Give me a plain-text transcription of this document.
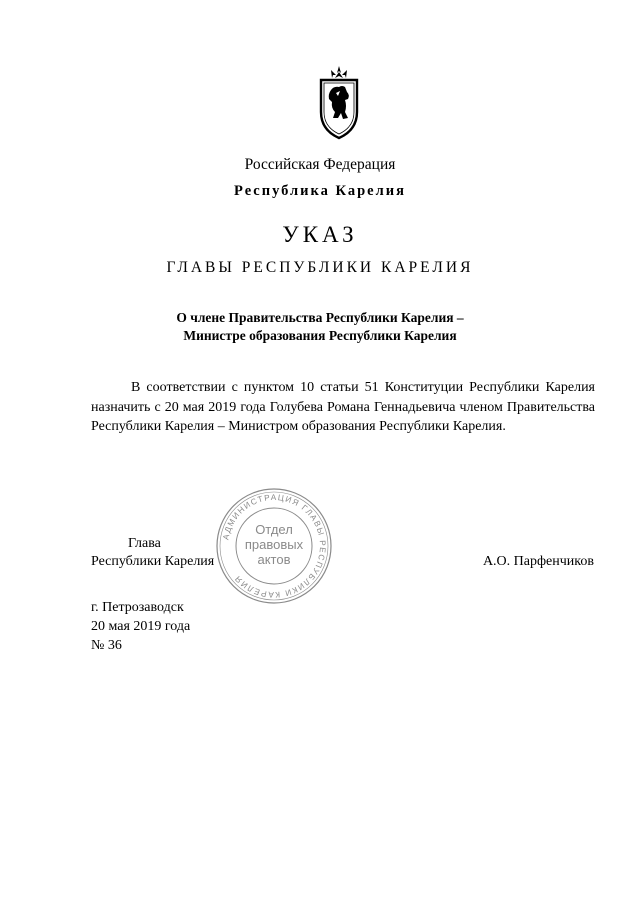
Российская Федерация
Республика Карелия
УКАЗ
ГЛАВЫ РЕСПУБЛИКИ КАРЕЛИЯ
О члене Правительства Республики Карелия –
Министре образования Республики Карелия

В соответствии с пунктом 10 статьи 51 Конституции Республики Карелия назначить с 20 мая 2019 года Голубева Романа Геннадьевича членом Правительства Республики Карелия – Министром образования Республики Карелия.

АДМИНИСТРАЦИЯ ГЛАВЫ РЕСПУБЛИКИ КАРЕЛИЯ
Отдел
правовых
актов
Глава
Республики Карелия	А.О. Парфенчиков
г. Петрозаводск
20 мая 2019 года
№ 36
